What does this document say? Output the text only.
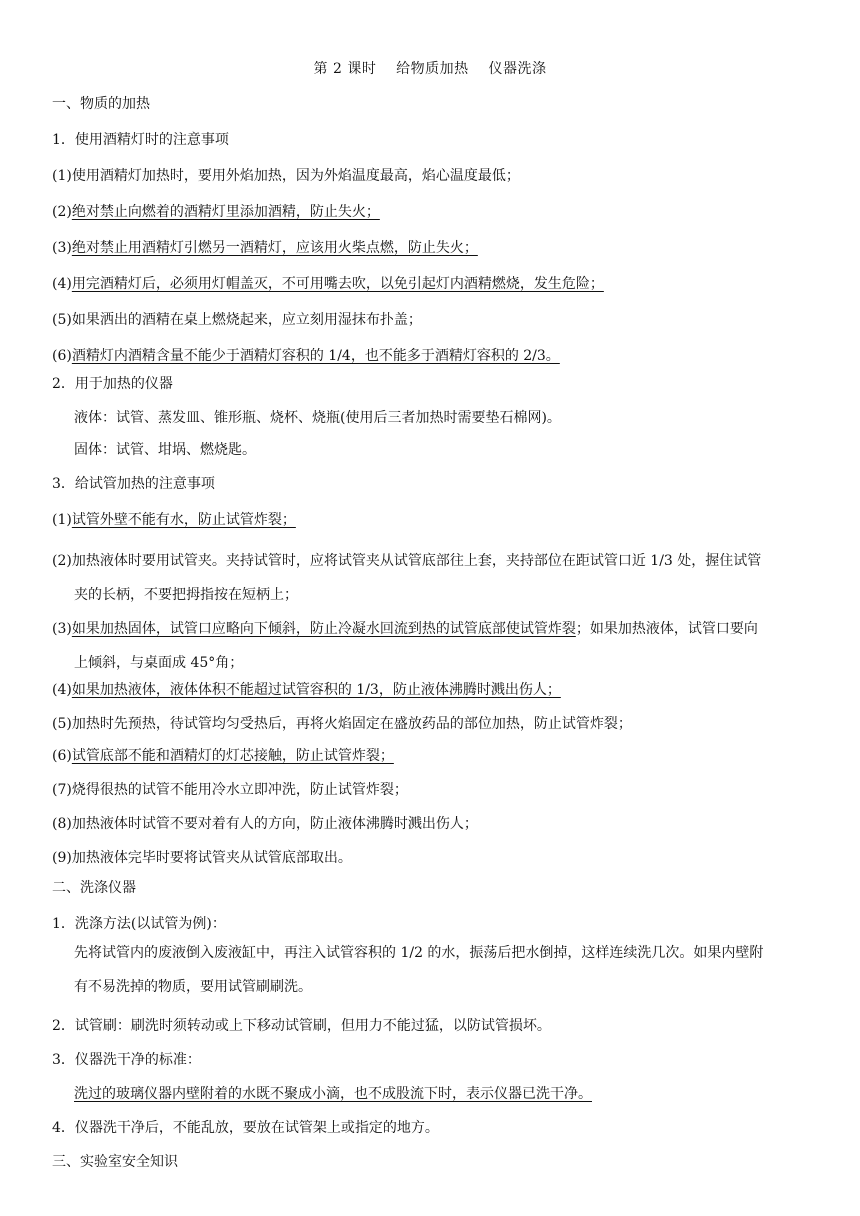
第 2 课时    给物质加热    仪器洗涤
一、物质的加热
1．使用酒精灯时的注意事项
(1)使用酒精灯加热时，要用外焰加热，因为外焰温度最高，焰心温度最低；
(2)绝对禁止向燃着的酒精灯里添加酒精，防止失火；
(3)绝对禁止用酒精灯引燃另一酒精灯，应该用火柴点燃，防止失火；
(4)用完酒精灯后，必须用灯帽盖灭，不可用嘴去吹，以免引起灯内酒精燃烧，发生危险；
(5)如果洒出的酒精在桌上燃烧起来，应立刻用湿抹布扑盖；
(6)酒精灯内酒精含量不能少于酒精灯容积的 1/4，也不能多于酒精灯容积的 2/3。
2．用于加热的仪器
液体：试管、蒸发皿、锥形瓶、烧杯、烧瓶(使用后三者加热时需要垫石棉网)。
固体：试管、坩埚、燃烧匙。
3．给试管加热的注意事项
(1)试管外壁不能有水，防止试管炸裂；
(2)加热液体时要用试管夹。夹持试管时，应将试管夹从试管底部往上套，夹持部位在距试管口近 1/3 处，握住试管
夹的长柄，不要把拇指按在短柄上；
(3)如果加热固体，试管口应略向下倾斜，防止冷凝水回流到热的试管底部使试管炸裂；如果加热液体，试管口要向
上倾斜，与桌面成 45°角；
(4)如果加热液体，液体体积不能超过试管容积的 1/3，防止液体沸腾时溅出伤人；
(5)加热时先预热，待试管均匀受热后，再将火焰固定在盛放药品的部位加热，防止试管炸裂；
(6)试管底部不能和酒精灯的灯芯接触，防止试管炸裂；
(7)烧得很热的试管不能用冷水立即冲洗，防止试管炸裂；
(8)加热液体时试管不要对着有人的方向，防止液体沸腾时溅出伤人；
(9)加热液体完毕时要将试管夹从试管底部取出。
二、洗涤仪器
1．洗涤方法(以试管为例)：
先将试管内的废液倒入废液缸中，再注入试管容积的 1/2 的水，振荡后把水倒掉，这样连续洗几次。如果内壁附
有不易洗掉的物质，要用试管刷刷洗。
2．试管刷：刷洗时须转动或上下移动试管刷，但用力不能过猛，以防试管损坏。
3．仪器洗干净的标准：
洗过的玻璃仪器内壁附着的水既不聚成小滴，也不成股流下时，表示仪器已洗干净。
4．仪器洗干净后，不能乱放，要放在试管架上或指定的地方。
三、实验室安全知识
